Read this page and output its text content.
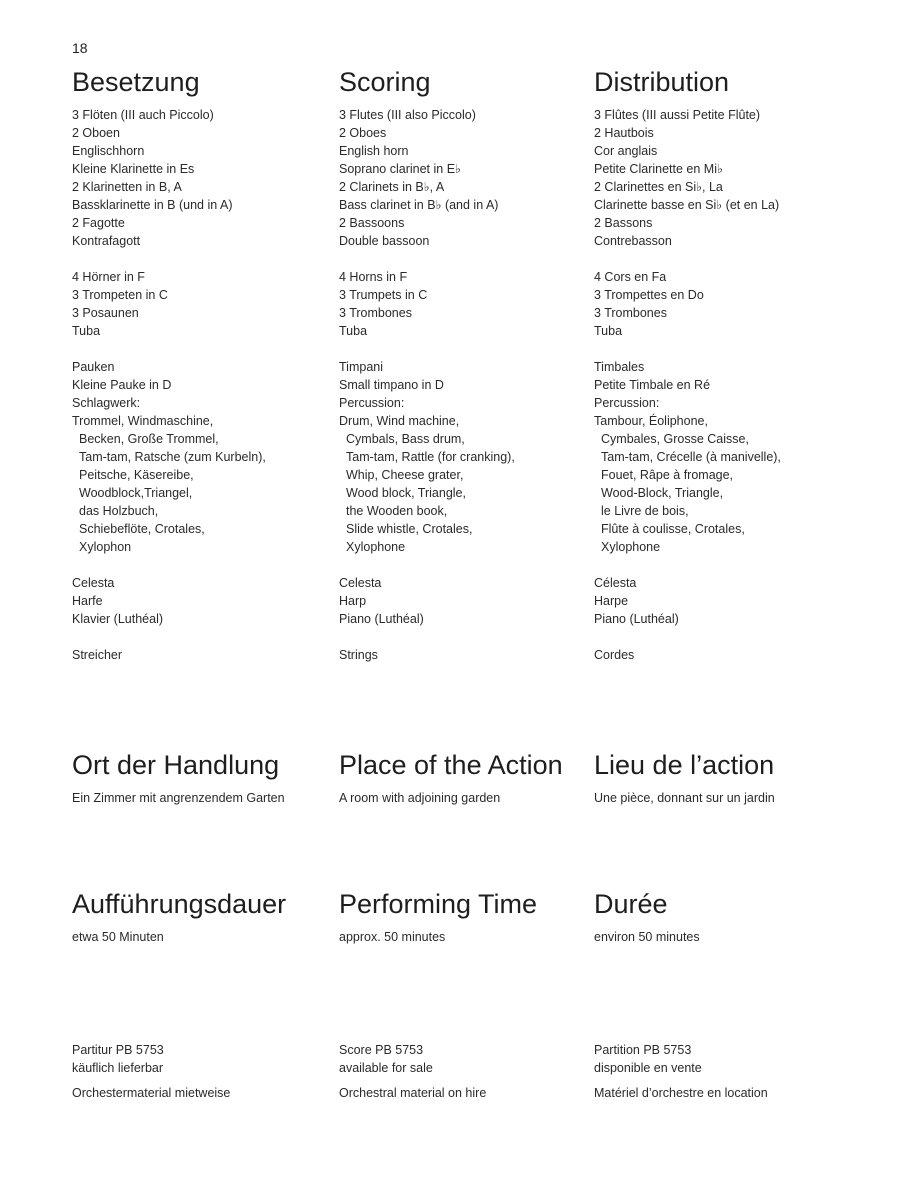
18
Besetzung
3 Flöten (III auch Piccolo)
2 Oboen
Englischhorn
Kleine Klarinette in Es
2 Klarinetten in B, A
Bassklarinette in B (und in A)
2 Fagotte
Kontrafagott
4 Hörner in F
3 Trompeten in C
3 Posaunen
Tuba
Pauken
Kleine Pauke in D
Schlagwerk:
Trommel, Windmaschine,
Becken, Große Trommel,
Tam-tam, Ratsche (zum Kurbeln),
Peitsche, Käsereibe,
Woodblock,Triangel,
das Holzbuch,
Schiebeflöte, Crotales,
Xylophon
Celesta
Harfe
Klavier (Luthéal)
Streicher
Scoring
3 Flutes (III also Piccolo)
2 Oboes
English horn
Soprano clarinet in E♭
2 Clarinets in B♭, A
Bass clarinet in B♭ (and in A)
2 Bassoons
Double bassoon
4 Horns in F
3 Trumpets in C
3 Trombones
Tuba
Timpani
Small timpano in D
Percussion:
Drum, Wind machine,
Cymbals, Bass drum,
Tam-tam, Rattle (for cranking),
Whip, Cheese grater,
Wood block, Triangle,
the Wooden book,
Slide whistle, Crotales,
Xylophone
Celesta
Harp
Piano (Luthéal)
Strings
Distribution
3 Flûtes (III aussi Petite Flûte)
2 Hautbois
Cor anglais
Petite Clarinette en Mi♭
2 Clarinettes en Si♭, La
Clarinette basse en Si♭ (et en La)
2 Bassons
Contrebasson
4 Cors en Fa
3 Trompettes en Do
3 Trombones
Tuba
Timbales
Petite Timbale en Ré
Percussion:
Tambour, Éoliphone,
Cymbales, Grosse Caisse,
Tam-tam, Crécelle (à manivelle),
Fouet, Râpe à fromage,
Wood-Block, Triangle,
le Livre de bois,
Flûte à coulisse, Crotales,
Xylophone
Célesta
Harpe
Piano (Luthéal)
Cordes
Ort der Handlung
Ein Zimmer mit angrenzendem Garten
Place of the Action
A room with adjoining garden
Lieu de l’action
Une pièce, donnant sur un jardin
Aufführungsdauer
etwa 50 Minuten
Performing Time
approx. 50 minutes
Durée
environ 50 minutes
Partitur PB 5753
käuflich lieferbar
Orchestermaterial mietweise
Score PB 5753
available for sale
Orchestral material on hire
Partition PB 5753
disponible en vente
Matériel d’orchestre en location
